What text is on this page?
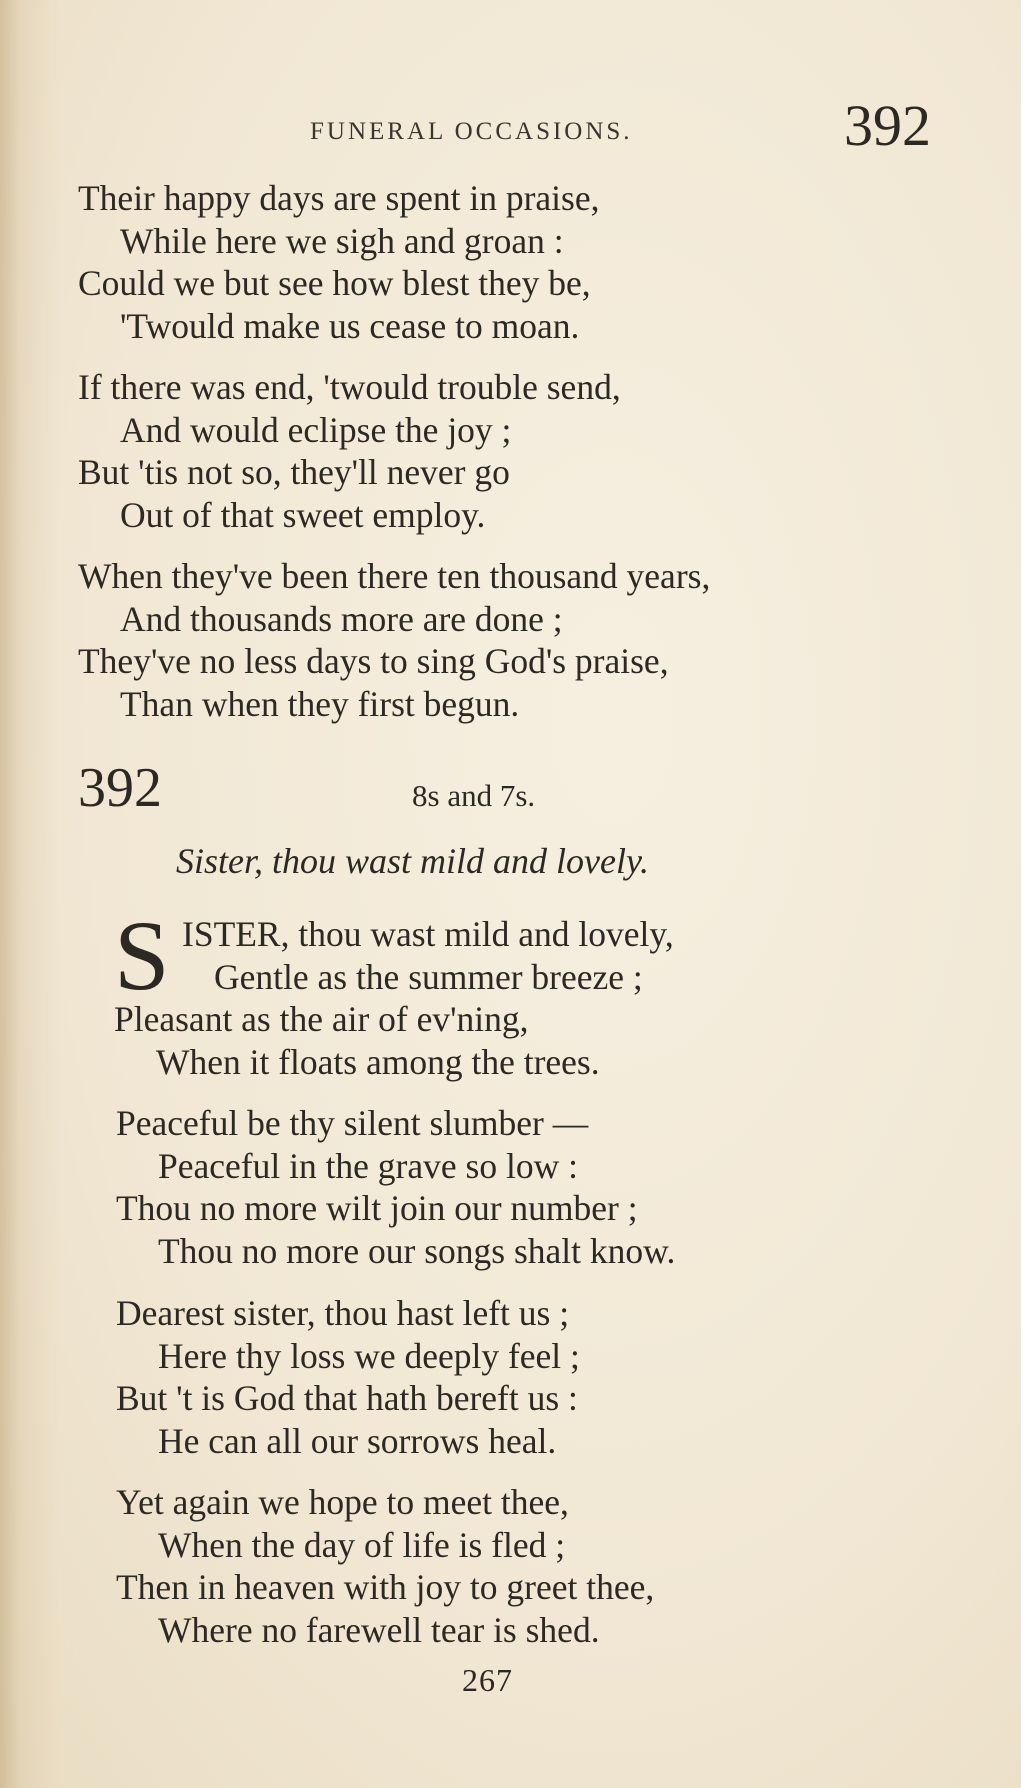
FUNERAL OCCASIONS.	392
Their happy days are spent in praise,
While here we sigh and groan :
Could we but see how blest they be,
'Twould make us cease to moan.
If there was end, 'twould trouble send,
And would eclipse the joy ;
But 'tis not so, they'll never go
Out of that sweet employ.
When they've been there ten thousand years,
And thousands more are done ;
They've no less days to sing God's praise,
Than when they first begun.
392	8s and 7s.
Sister, thou wast mild and lovely.
S ISTER, thou wast mild and lovely,
Gentle as the summer breeze ;
Pleasant as the air of ev'ning,
When it floats among the trees.
Peaceful be thy silent slumber —
Peaceful in the grave so low :
Thou no more wilt join our number ;
Thou no more our songs shalt know.
Dearest sister, thou hast left us ;
Here thy loss we deeply feel ;
But 't is God that hath bereft us :
He can all our sorrows heal.
Yet again we hope to meet thee,
When the day of life is fled ;
Then in heaven with joy to greet thee,
Where no farewell tear is shed.
267
